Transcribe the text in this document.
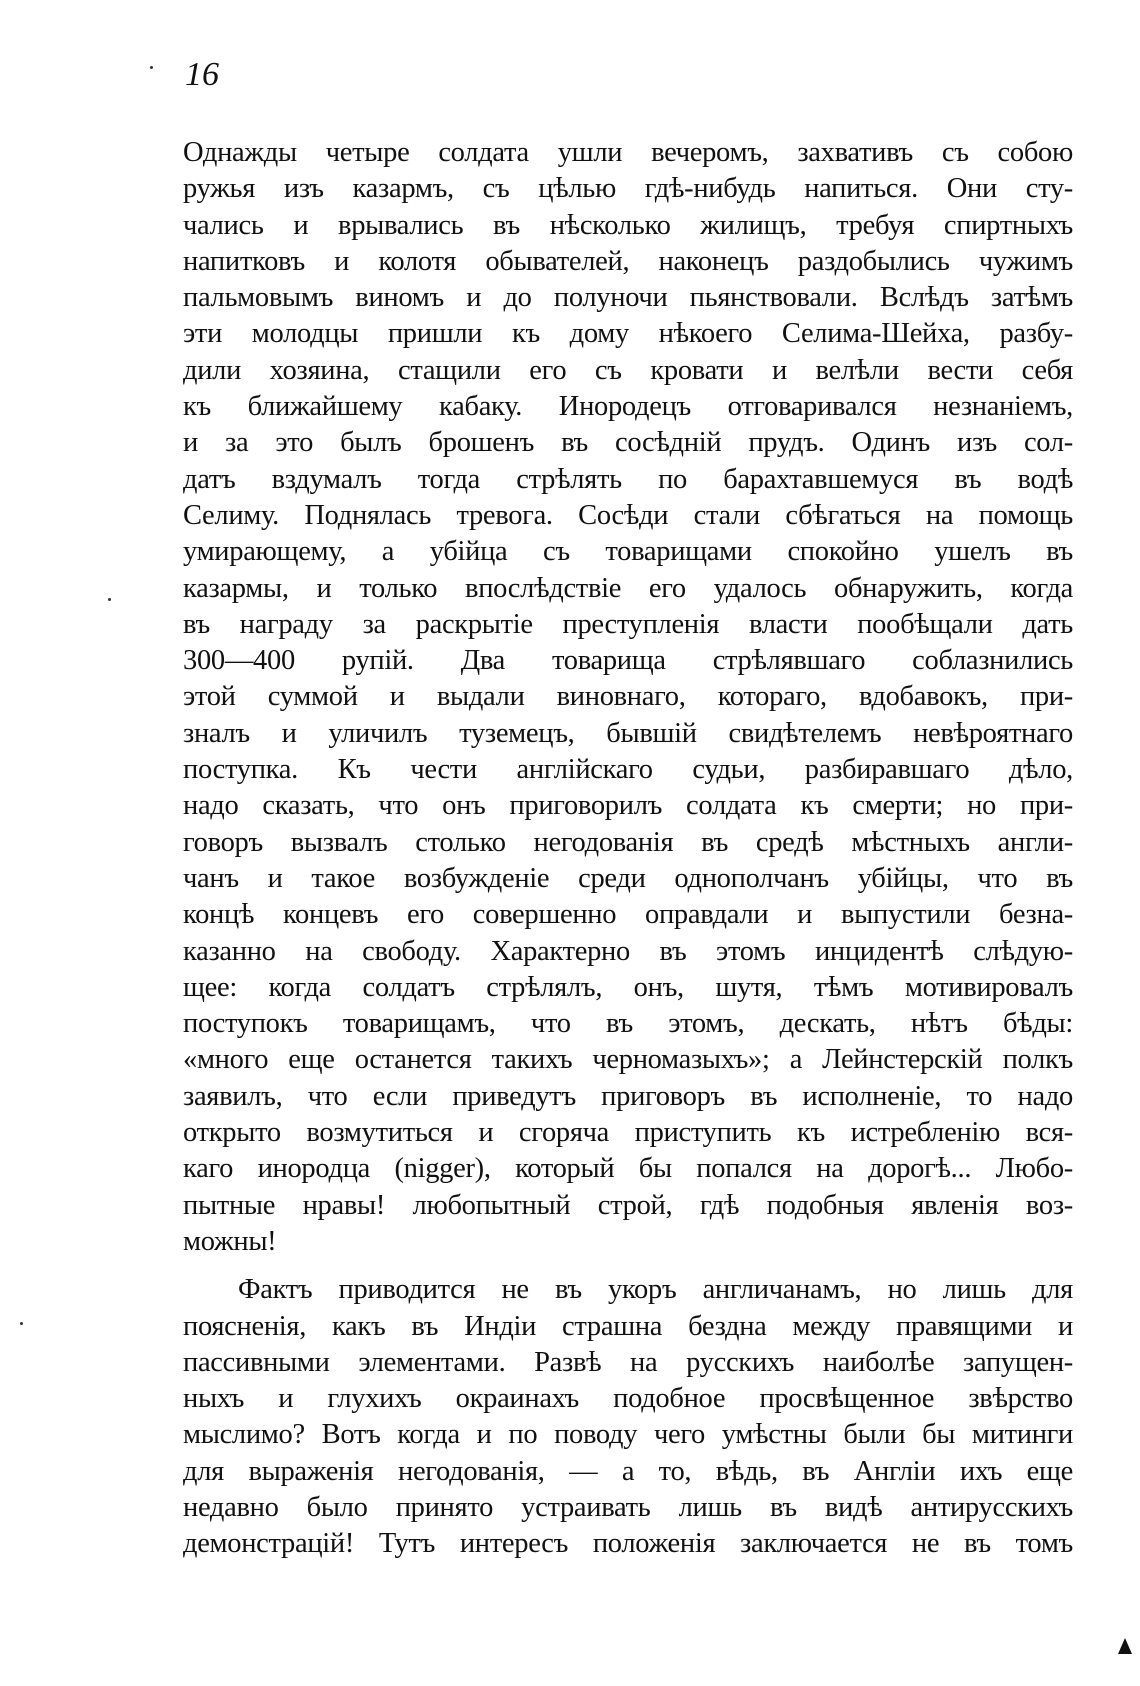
16
Однажды четыре солдата ушли вечеромъ, захвативъ съ собою
ружья изъ казармъ, съ цѣлью гдѣ-нибудь напиться. Они сту-
чались и врывались въ нѣсколько жилищъ, требуя спиртныхъ
напитковъ и колотя обывателей, наконецъ раздобылись чужимъ
пальмовымъ виномъ и до полуночи пьянствовали. Вслѣдъ затѣмъ
эти молодцы пришли къ дому нѣкоего Селима-Шейха, разбу-
дили хозяина, стащили его съ кровати и велѣли вести себя
къ ближайшему кабаку. Инородецъ отговаривался незнаніемъ,
и за это былъ брошенъ въ сосѣдній прудъ. Одинъ изъ сол-
датъ вздумалъ тогда стрѣлять по барахтавшемуся въ водѣ
Селиму. Поднялась тревога. Сосѣди стали сбѣгаться на помощь
умирающему, а убійца съ товарищами спокойно ушелъ въ
казармы, и только впослѣдствіе его удалось обнаружить, когда
въ награду за раскрытіе преступленія власти пообѣщали дать
300—400 рупій. Два товарища стрѣлявшаго соблазнились
этой суммой и выдали виновнаго, котораго, вдобавокъ, при-
зналъ и уличилъ туземецъ, бывшій свидѣтелемъ невѣроятнаго
поступка. Къ чести англійскаго судьи, разбиравшаго дѣло,
надо сказать, что онъ приговорилъ солдата къ смерти; но при-
говоръ вызвалъ столько негодованія въ средѣ мѣстныхъ англи-
чанъ и такое возбужденіе среди однополчанъ убійцы, что въ
концѣ концевъ его совершенно оправдали и выпустили безна-
казанно на свободу. Характерно въ этомъ инцидентѣ слѣдую-
щее: когда солдатъ стрѣлялъ, онъ, шутя, тѣмъ мотивировалъ
поступокъ товарищамъ, что въ этомъ, дескать, нѣтъ бѣды:
«много еще останется такихъ черномазыхъ»; а Лейнстерскій полкъ
заявилъ, что если приведутъ приговоръ въ исполненіе, то надо
открыто возмутиться и сгоряча приступить къ истребленію вся-
каго инородца (nigger), который бы попался на дорогѣ... Любо-
пытные нравы! любопытный строй, гдѣ подобныя явленія воз-
можны!
Фактъ приводится не въ укоръ англичанамъ, но лишь для
поясненія, какъ въ Индіи страшна бездна между правящими и
пассивными элементами. Развѣ на русскихъ наиболѣе запущен-
ныхъ и глухихъ окраинахъ подобное просвѣщенное звѣрство
мыслимо? Вотъ когда и по поводу чего умѣстны были бы митинги
для выраженія негодованія, — а то, вѣдь, въ Англіи ихъ еще
недавно было принято устраивать лишь въ видѣ антирусскихъ
демонстрацій! Тутъ интересъ положенія заключается не въ томъ
